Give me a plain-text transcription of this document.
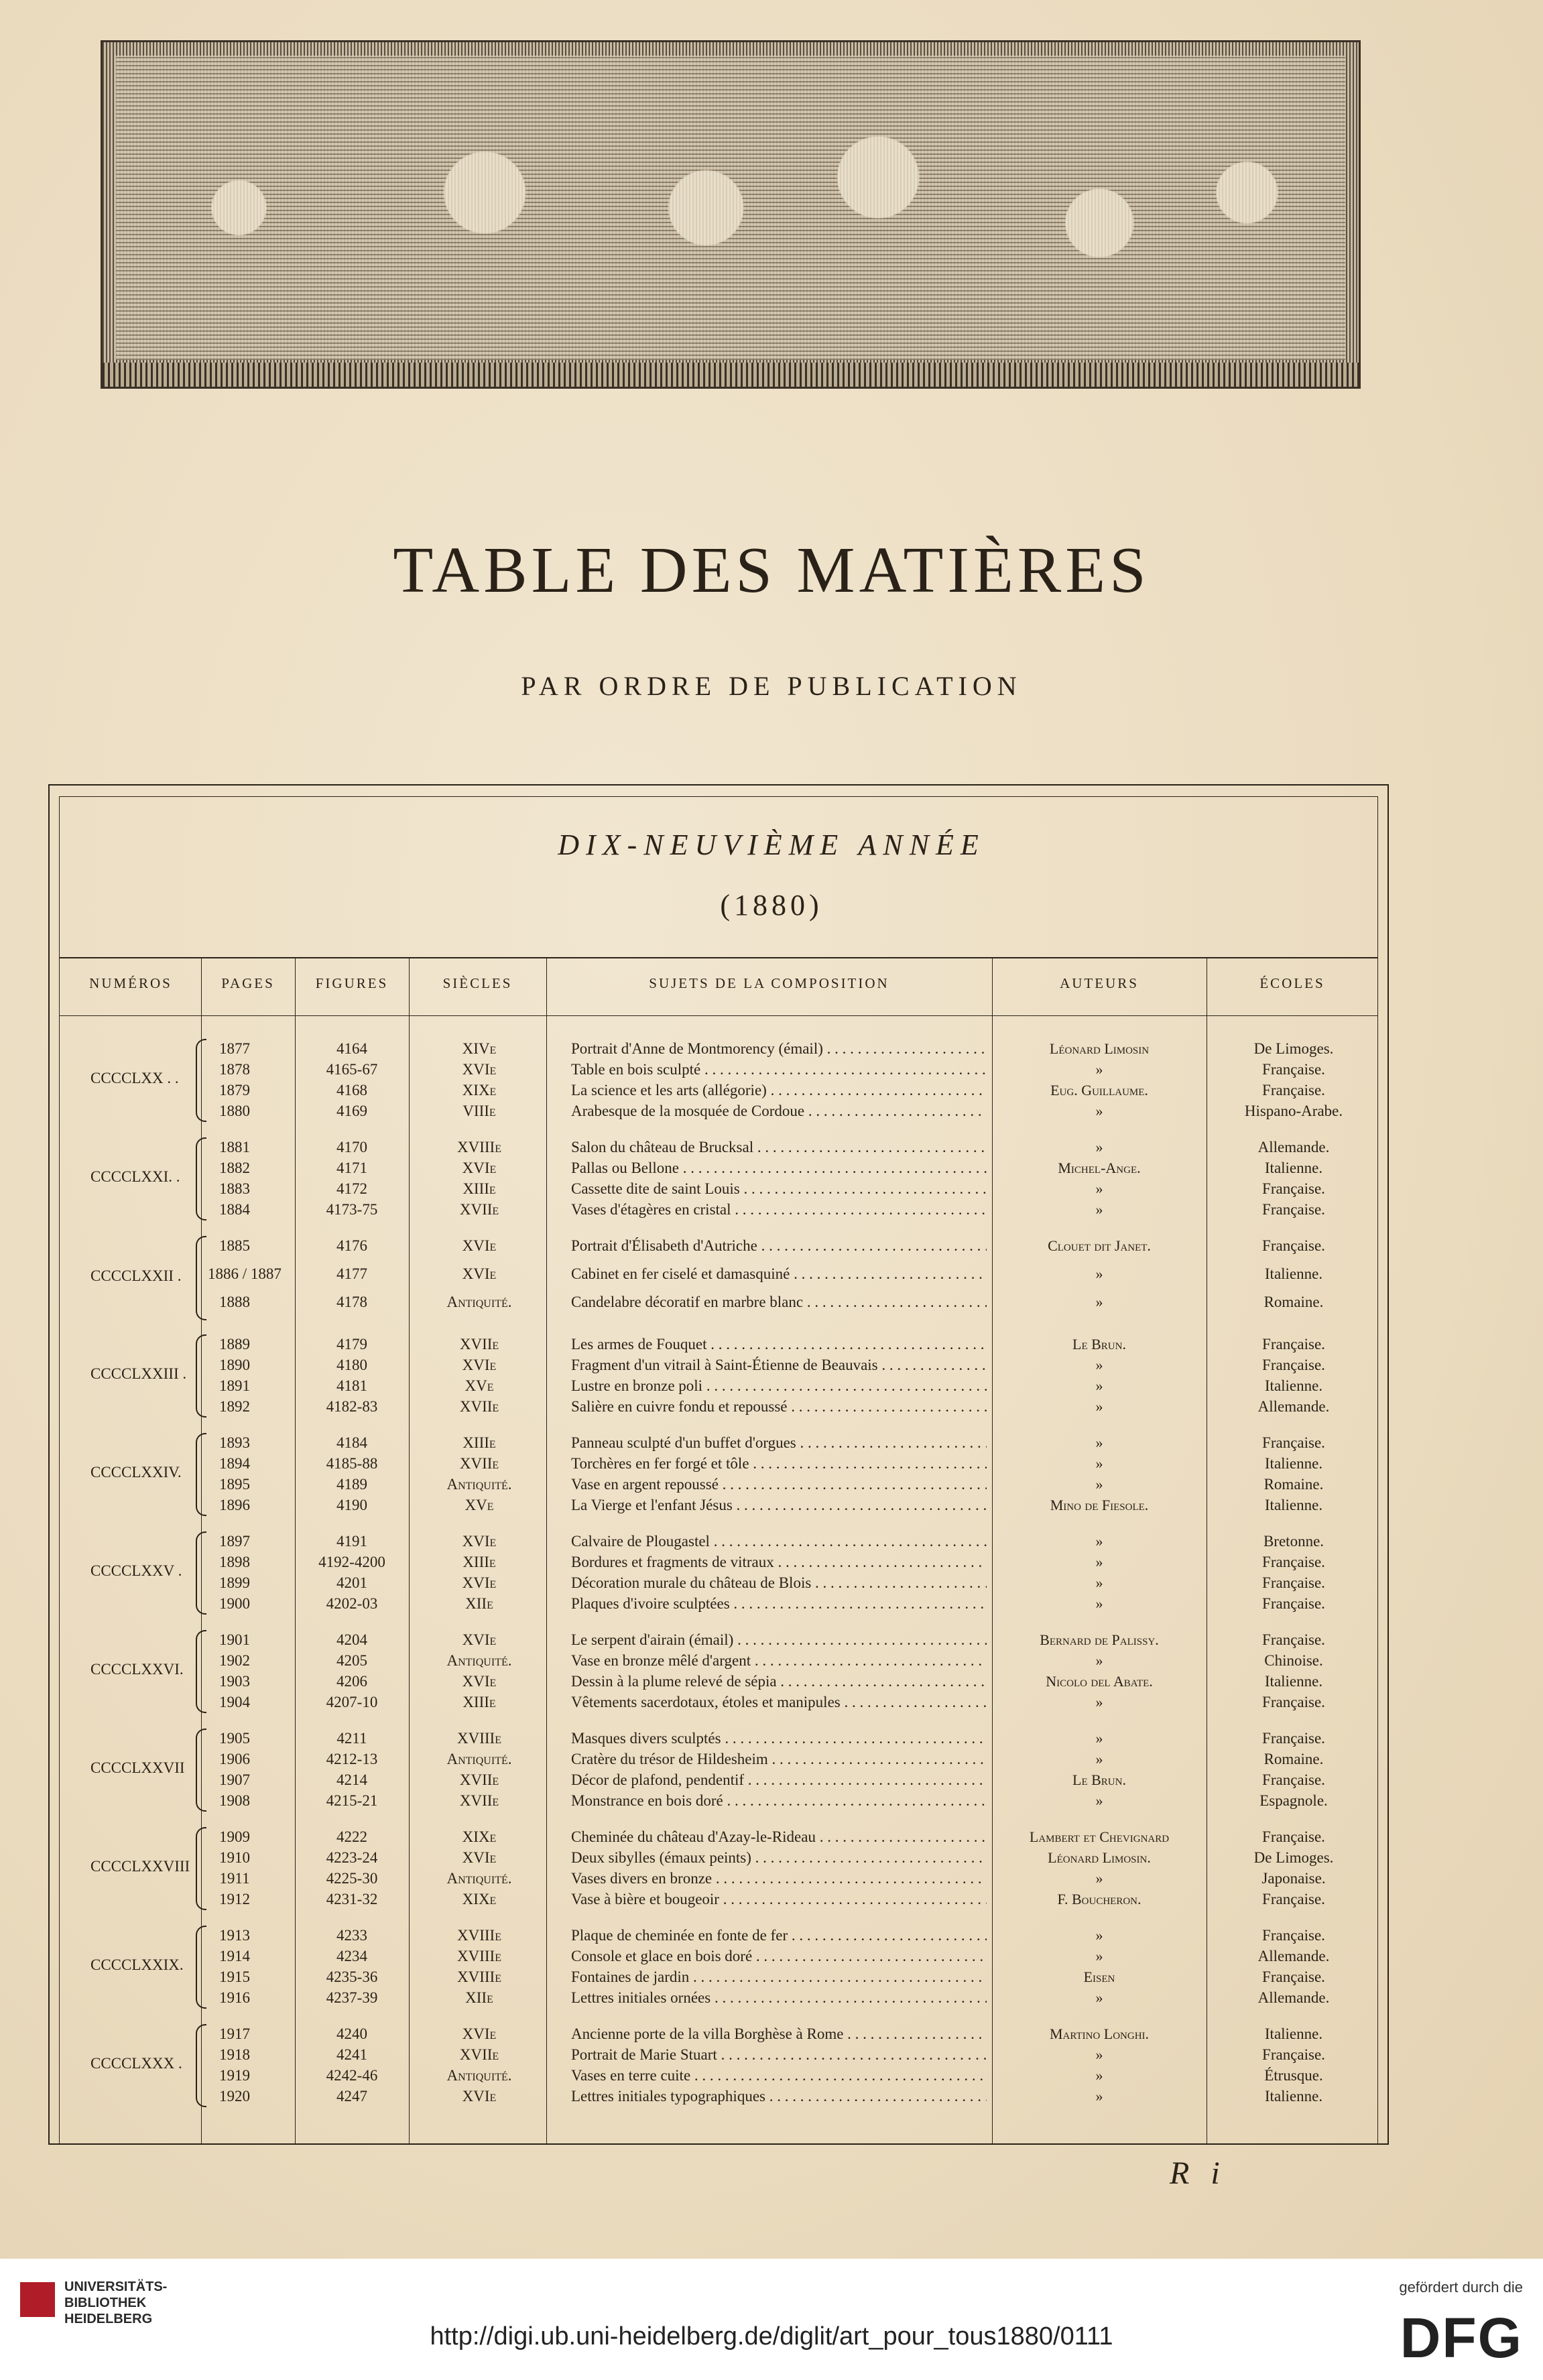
TABLE DES MATIÈRES
PAR ORDRE DE PUBLICATION
DIX-NEUVIÈME ANNÉE
(1880)
NUMÉROS	PAGES	FIGURES	SIÈCLES	SUJETS DE LA COMPOSITION	AUTEURS	ÉCOLES
CCCCLXX . .
1877	4164	XIVe	Portrait d'Anne de Montmorency (émail) . . .	Léonard Limosin	De Limoges.
1878	4165-67	XVIe	Table en bois sculpté . . .	»	Française.
1879	4168	XIXe	La science et les arts (allégorie) . . .	Eug. Guillaume.	Française.
1880	4169	VIIIe	Arabesque de la mosquée de Cordoue . . .	»	Hispano-Arabe.
CCCCLXXI. .
1881	4170	XVIIIe	Salon du château de Brucksal . . .	»	Allemande.
1882	4171	XVIe	Pallas ou Bellone . . .	Michel-Ange.	Italienne.
1883	4172	XIIIe	Cassette dite de saint Louis . . .	»	Française.
1884	4173-75	XVIIe	Vases d'étagères en cristal . . .	»	Française.
CCCCLXXII .
1885	4176	XVIe	Portrait d'Élisabeth d'Autriche . . .	Clouet dit Janet.	Française.
1886 / 1887	4177	XVIe	Cabinet en fer ciselé et damasquiné . . .	»	Italienne.
1888	4178	Antiquité.	Candelabre décoratif en marbre blanc . . .	»	Romaine.
CCCCLXXIII .
1889	4179	XVIIe	Les armes de Fouquet . . .	Le Brun.	Française.
1890	4180	XVIe	Fragment d'un vitrail à Saint-Étienne de Beauvais . . .	»	Française.
1891	4181	XVe	Lustre en bronze poli . . .	»	Italienne.
1892	4182-83	XVIIe	Salière en cuivre fondu et repoussé . . .	»	Allemande.
CCCCLXXIV.
1893	4184	XIIIe	Panneau sculpté d'un buffet d'orgues . . .	»	Française.
1894	4185-88	XVIIe	Torchères en fer forgé et tôle . . .	»	Italienne.
1895	4189	Antiquité.	Vase en argent repoussé . . .	»	Romaine.
1896	4190	XVe	La Vierge et l'enfant Jésus . . .	Mino de Fiesole.	Italienne.
CCCCLXXV .
1897	4191	XVIe	Calvaire de Plougastel . . .	»	Bretonne.
1898	4192-4200	XIIIe	Bordures et fragments de vitraux . . .	»	Française.
1899	4201	XVIe	Décoration murale du château de Blois . . .	»	Française.
1900	4202-03	XIIe	Plaques d'ivoire sculptées . . .	»	Française.
CCCCLXXVI.
1901	4204	XVIe	Le serpent d'airain (émail) . . .	Bernard de Palissy.	Française.
1902	4205	Antiquité.	Vase en bronze mêlé d'argent . . .	»	Chinoise.
1903	4206	XVIe	Dessin à la plume relevé de sépia . . .	Nicolo del Abate.	Italienne.
1904	4207-10	XIIIe	Vêtements sacerdotaux, étoles et manipules . . .	»	Française.
CCCCLXXVII
1905	4211	XVIIIe	Masques divers sculptés . . .	»	Française.
1906	4212-13	Antiquité.	Cratère du trésor de Hildesheim . . .	»	Romaine.
1907	4214	XVIIe	Décor de plafond, pendentif . . .	Le Brun.	Française.
1908	4215-21	XVIIe	Monstrance en bois doré . . .	»	Espagnole.
CCCCLXXVIII
1909	4222	XIXe	Cheminée du château d'Azay-le-Rideau . . .	Lambert et Chevignard	Française.
1910	4223-24	XVIe	Deux sibylles (émaux peints) . . .	Léonard Limosin.	De Limoges.
1911	4225-30	Antiquité.	Vases divers en bronze . . .	»	Japonaise.
1912	4231-32	XIXe	Vase à bière et bougeoir . . .	F. Boucheron.	Française.
CCCCLXXIX.
1913	4233	XVIIIe	Plaque de cheminée en fonte de fer . . .	»	Française.
1914	4234	XVIIIe	Console et glace en bois doré . . .	»	Allemande.
1915	4235-36	XVIIIe	Fontaines de jardin . . .	Eisen	Française.
1916	4237-39	XIIe	Lettres initiales ornées . . .	»	Allemande.
CCCCLXXX .
1917	4240	XVIe	Ancienne porte de la villa Borghèse à Rome . . .	Martino Longhi.	Italienne.
1918	4241	XVIIe	Portrait de Marie Stuart . . .	»	Française.
1919	4242-46	Antiquité.	Vases en terre cuite . . .	»	Étrusque.
1920	4247	XVIe	Lettres initiales typographiques . . .	»	Italienne.
R i
UNIVERSITÄTS-
BIBLIOTHEK
HEIDELBERG
http://digi.ub.uni-heidelberg.de/diglit/art_pour_tous1880/0111
gefördert durch die
DFG
